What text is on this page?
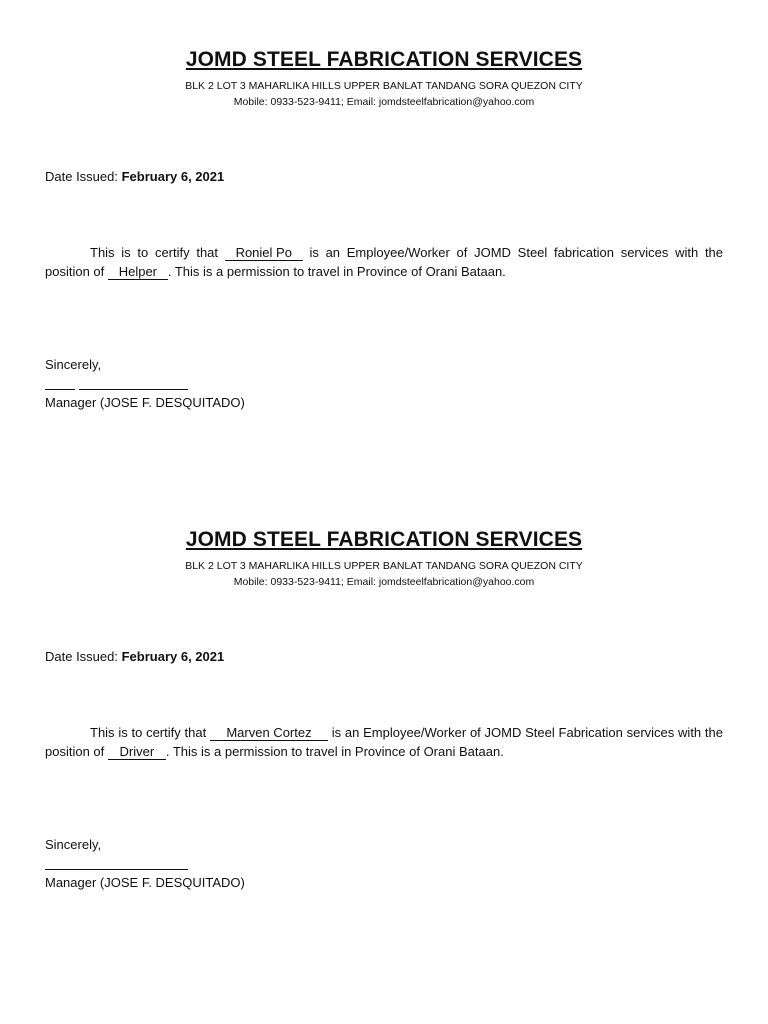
JOMD STEEL FABRICATION SERVICES
BLK 2 LOT 3 MAHARLIKA HILLS UPPER BANLAT TANDANG SORA QUEZON CITY
Mobile: 0933-523-9411; Email: jomdsteelfabrication@yahoo.com
Date Issued: February 6, 2021
This is to certify that Roniel Po is an Employee/Worker of JOMD Steel fabrication services with the position of Helper . This is a permission to travel in Province of Orani Bataan.
Sincerely,
Manager (JOSE F. DESQUITADO)
JOMD STEEL FABRICATION SERVICES
BLK 2 LOT 3 MAHARLIKA HILLS UPPER BANLAT TANDANG SORA QUEZON CITY
Mobile: 0933-523-9411; Email: jomdsteelfabrication@yahoo.com
Date Issued: February 6, 2021
This is to certify that Marven Cortez is an Employee/Worker of JOMD Steel Fabrication services with the position of Driver . This is a permission to travel in Province of Orani Bataan.
Sincerely,
Manager (JOSE F. DESQUITADO)
